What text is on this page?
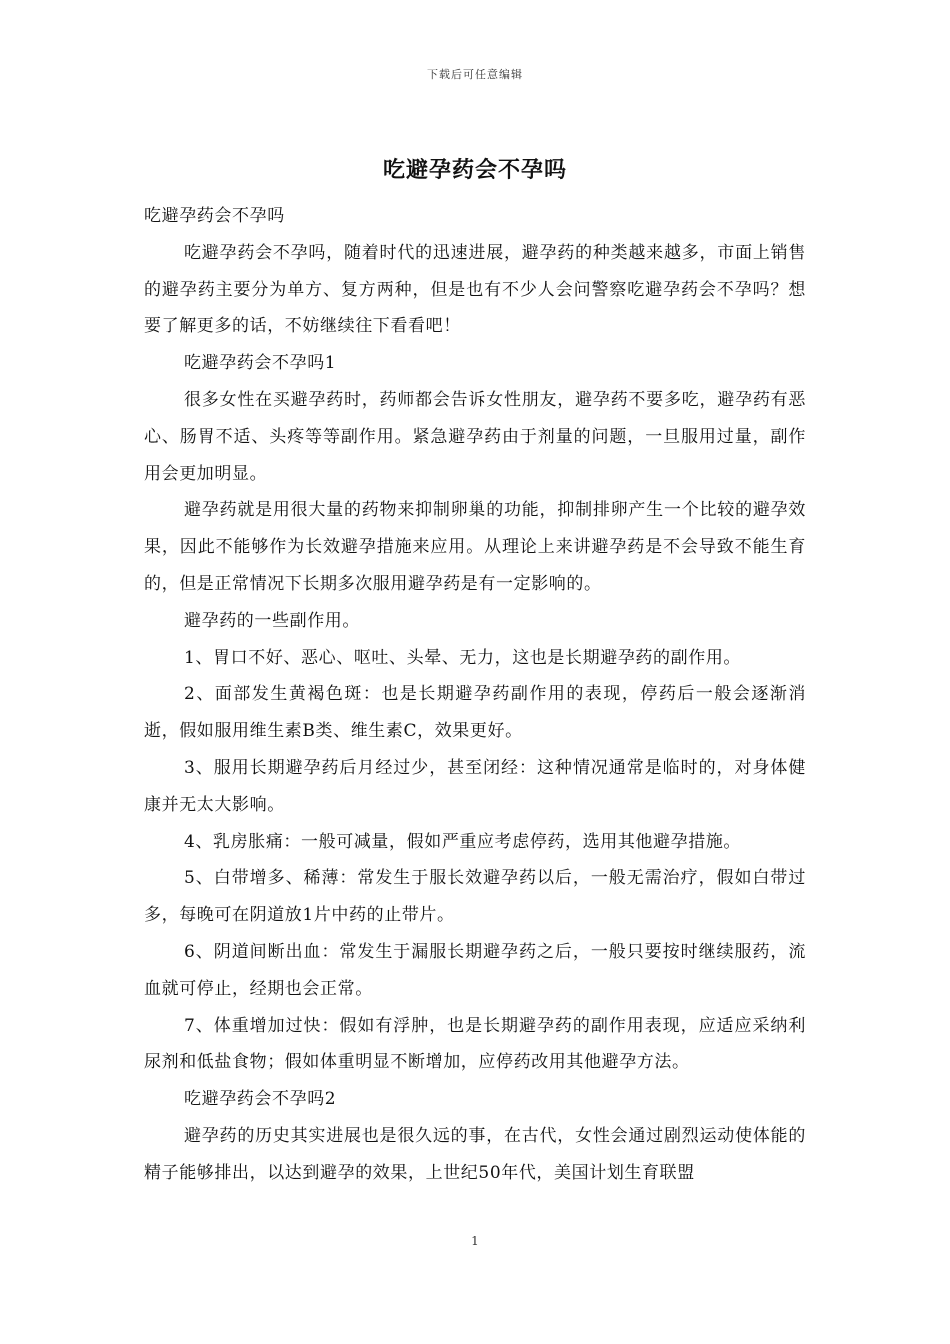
下载后可任意编辑
吃避孕药会不孕吗

吃避孕药会不孕吗

吃避孕药会不孕吗，随着时代的迅速进展，避孕药的种类越来越多，市面上销售的避孕药主要分为单方、复方两种，但是也有不少人会问警察吃避孕药会不孕吗？想要了解更多的话，不妨继续往下看看吧！

吃避孕药会不孕吗1

很多女性在买避孕药时，药师都会告诉女性朋友，避孕药不要多吃，避孕药有恶心、肠胃不适、头疼等等副作用。紧急避孕药由于剂量的问题，一旦服用过量，副作用会更加明显。

避孕药就是用很大量的药物来抑制卵巢的功能，抑制排卵产生一个比较的避孕效果，因此不能够作为长效避孕措施来应用。从理论上来讲避孕药是不会导致不能生育的，但是正常情况下长期多次服用避孕药是有一定影响的。

避孕药的一些副作用。

1、胃口不好、恶心、呕吐、头晕、无力，这也是长期避孕药的副作用。

2、面部发生黄褐色斑：也是长期避孕药副作用的表现，停药后一般会逐渐消逝，假如服用维生素B类、维生素C，效果更好。

3、服用长期避孕药后月经过少，甚至闭经：这种情况通常是临时的，对身体健康并无太大影响。

4、乳房胀痛：一般可减量，假如严重应考虑停药，选用其他避孕措施。

5、白带增多、稀薄：常发生于服长效避孕药以后，一般无需治疗，假如白带过多，每晚可在阴道放1片中药的止带片。

6、阴道间断出血：常发生于漏服长期避孕药之后，一般只要按时继续服药，流血就可停止，经期也会正常。

7、体重增加过快：假如有浮肿，也是长期避孕药的副作用表现，应适应采纳利尿剂和低盐食物；假如体重明显不断增加，应停药改用其他避孕方法。

吃避孕药会不孕吗2

避孕药的历史其实进展也是很久远的事，在古代，女性会通过剧烈运动使体能的精子能够排出，以达到避孕的效果，上世纪50年代，美国计划生育联盟

1
